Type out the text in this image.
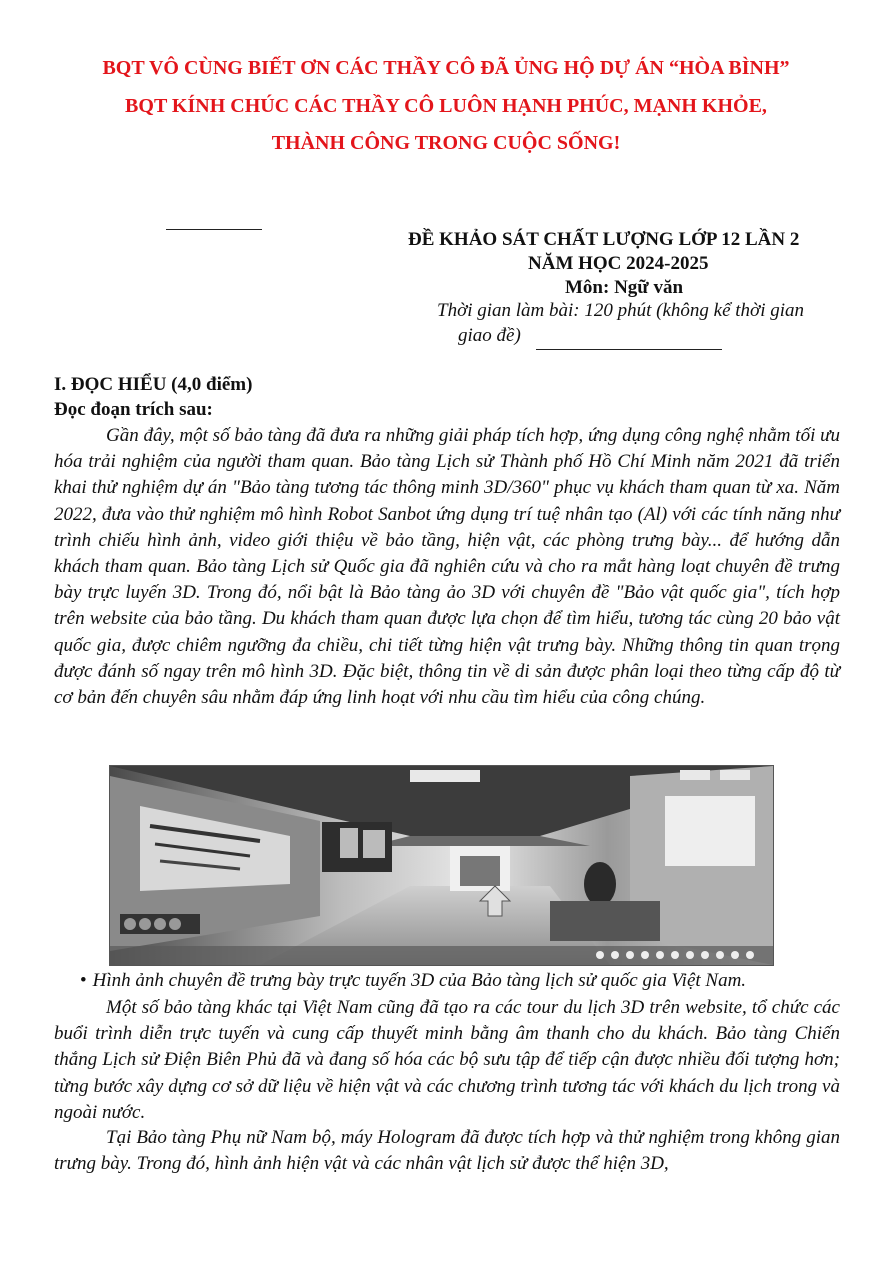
BQT VÔ CÙNG BIẾT ƠN CÁC THẦY CÔ ĐÃ ỦNG HỘ DỰ ÁN “HÒA BÌNH”
BQT KÍNH CHÚC CÁC THẦY CÔ LUÔN HẠNH PHÚC, MẠNH KHỎE,
THÀNH CÔNG TRONG CUỘC SỐNG!
ĐỀ KHẢO SÁT CHẤT LƯỢNG LỚP 12 LẦN 2
NĂM HỌC 2024-2025
Môn: Ngữ văn
Thời gian làm bài: 120 phút (không kể thời gian
giao đề)
I. ĐỌC HIỂU (4,0 điểm)
Đọc đoạn trích sau:

Gần đây, một số bảo tàng đã đưa ra những giải pháp tích hợp, ứng dụng công nghệ nhằm tối ưu hóa trải nghiệm của người tham quan. Bảo tàng Lịch sử Thành phố Hồ Chí Minh năm 2021 đã triển khai thử nghiệm dự án "Bảo tàng tương tác thông minh 3D/360" phục vụ khách tham quan từ xa. Năm 2022, đưa vào thử nghiệm mô hình Robot Sanbot ứng dụng trí tuệ nhân tạo (Al) với các tính năng như trình chiếu hình ảnh, video giới thiệu về bảo tầng, hiện vật, các phòng trưng bày... để hướng dẫn khách tham quan. Bảo tàng Lịch sử Quốc gia đã nghiên cứu và cho ra mắt hàng loạt chuyên đề trưng bày trực luyến 3D. Trong đó, nổi bật là Bảo tàng ảo 3D với chuyên đề "Bảo vật quốc gia", tích hợp trên website của bảo tầng. Du khách tham quan được lựa chọn để tìm hiểu, tương tác cùng 20 bảo vật quốc gia, được chiêm ngưỡng đa chiều, chi tiết từng hiện vật trưng bày. Những thông tin quan trọng được đánh số ngay trên mô hình 3D. Đặc biệt, thông tin về di sản được phân loại theo từng cấp độ từ cơ bản đến chuyên sâu nhằm đáp ứng linh hoạt với nhu cầu tìm hiểu của công chúng.

• Hình ảnh chuyên đề trưng bày trực tuyến 3D của Bảo tàng lịch sử quốc gia Việt Nam.

Một số bảo tàng khác tại Việt Nam cũng đã tạo ra các tour du lịch 3D trên website, tổ chức các buổi trình diễn trực tuyến và cung cấp thuyết minh bằng âm thanh cho du khách. Bảo tàng Chiến thắng Lịch sử Điện Biên Phủ đã và đang số hóa các bộ sưu tập để tiếp cận được nhiều đối tượng hơn; từng bước xây dựng cơ sở dữ liệu về hiện vật và các chương trình tương tác với khách du lịch trong và ngoài nước.

Tại Bảo tàng Phụ nữ Nam bộ, máy Hologram đã được tích hợp và thử nghiệm trong không gian trưng bày. Trong đó, hình ảnh hiện vật và các nhân vật lịch sử được thể hiện 3D,
